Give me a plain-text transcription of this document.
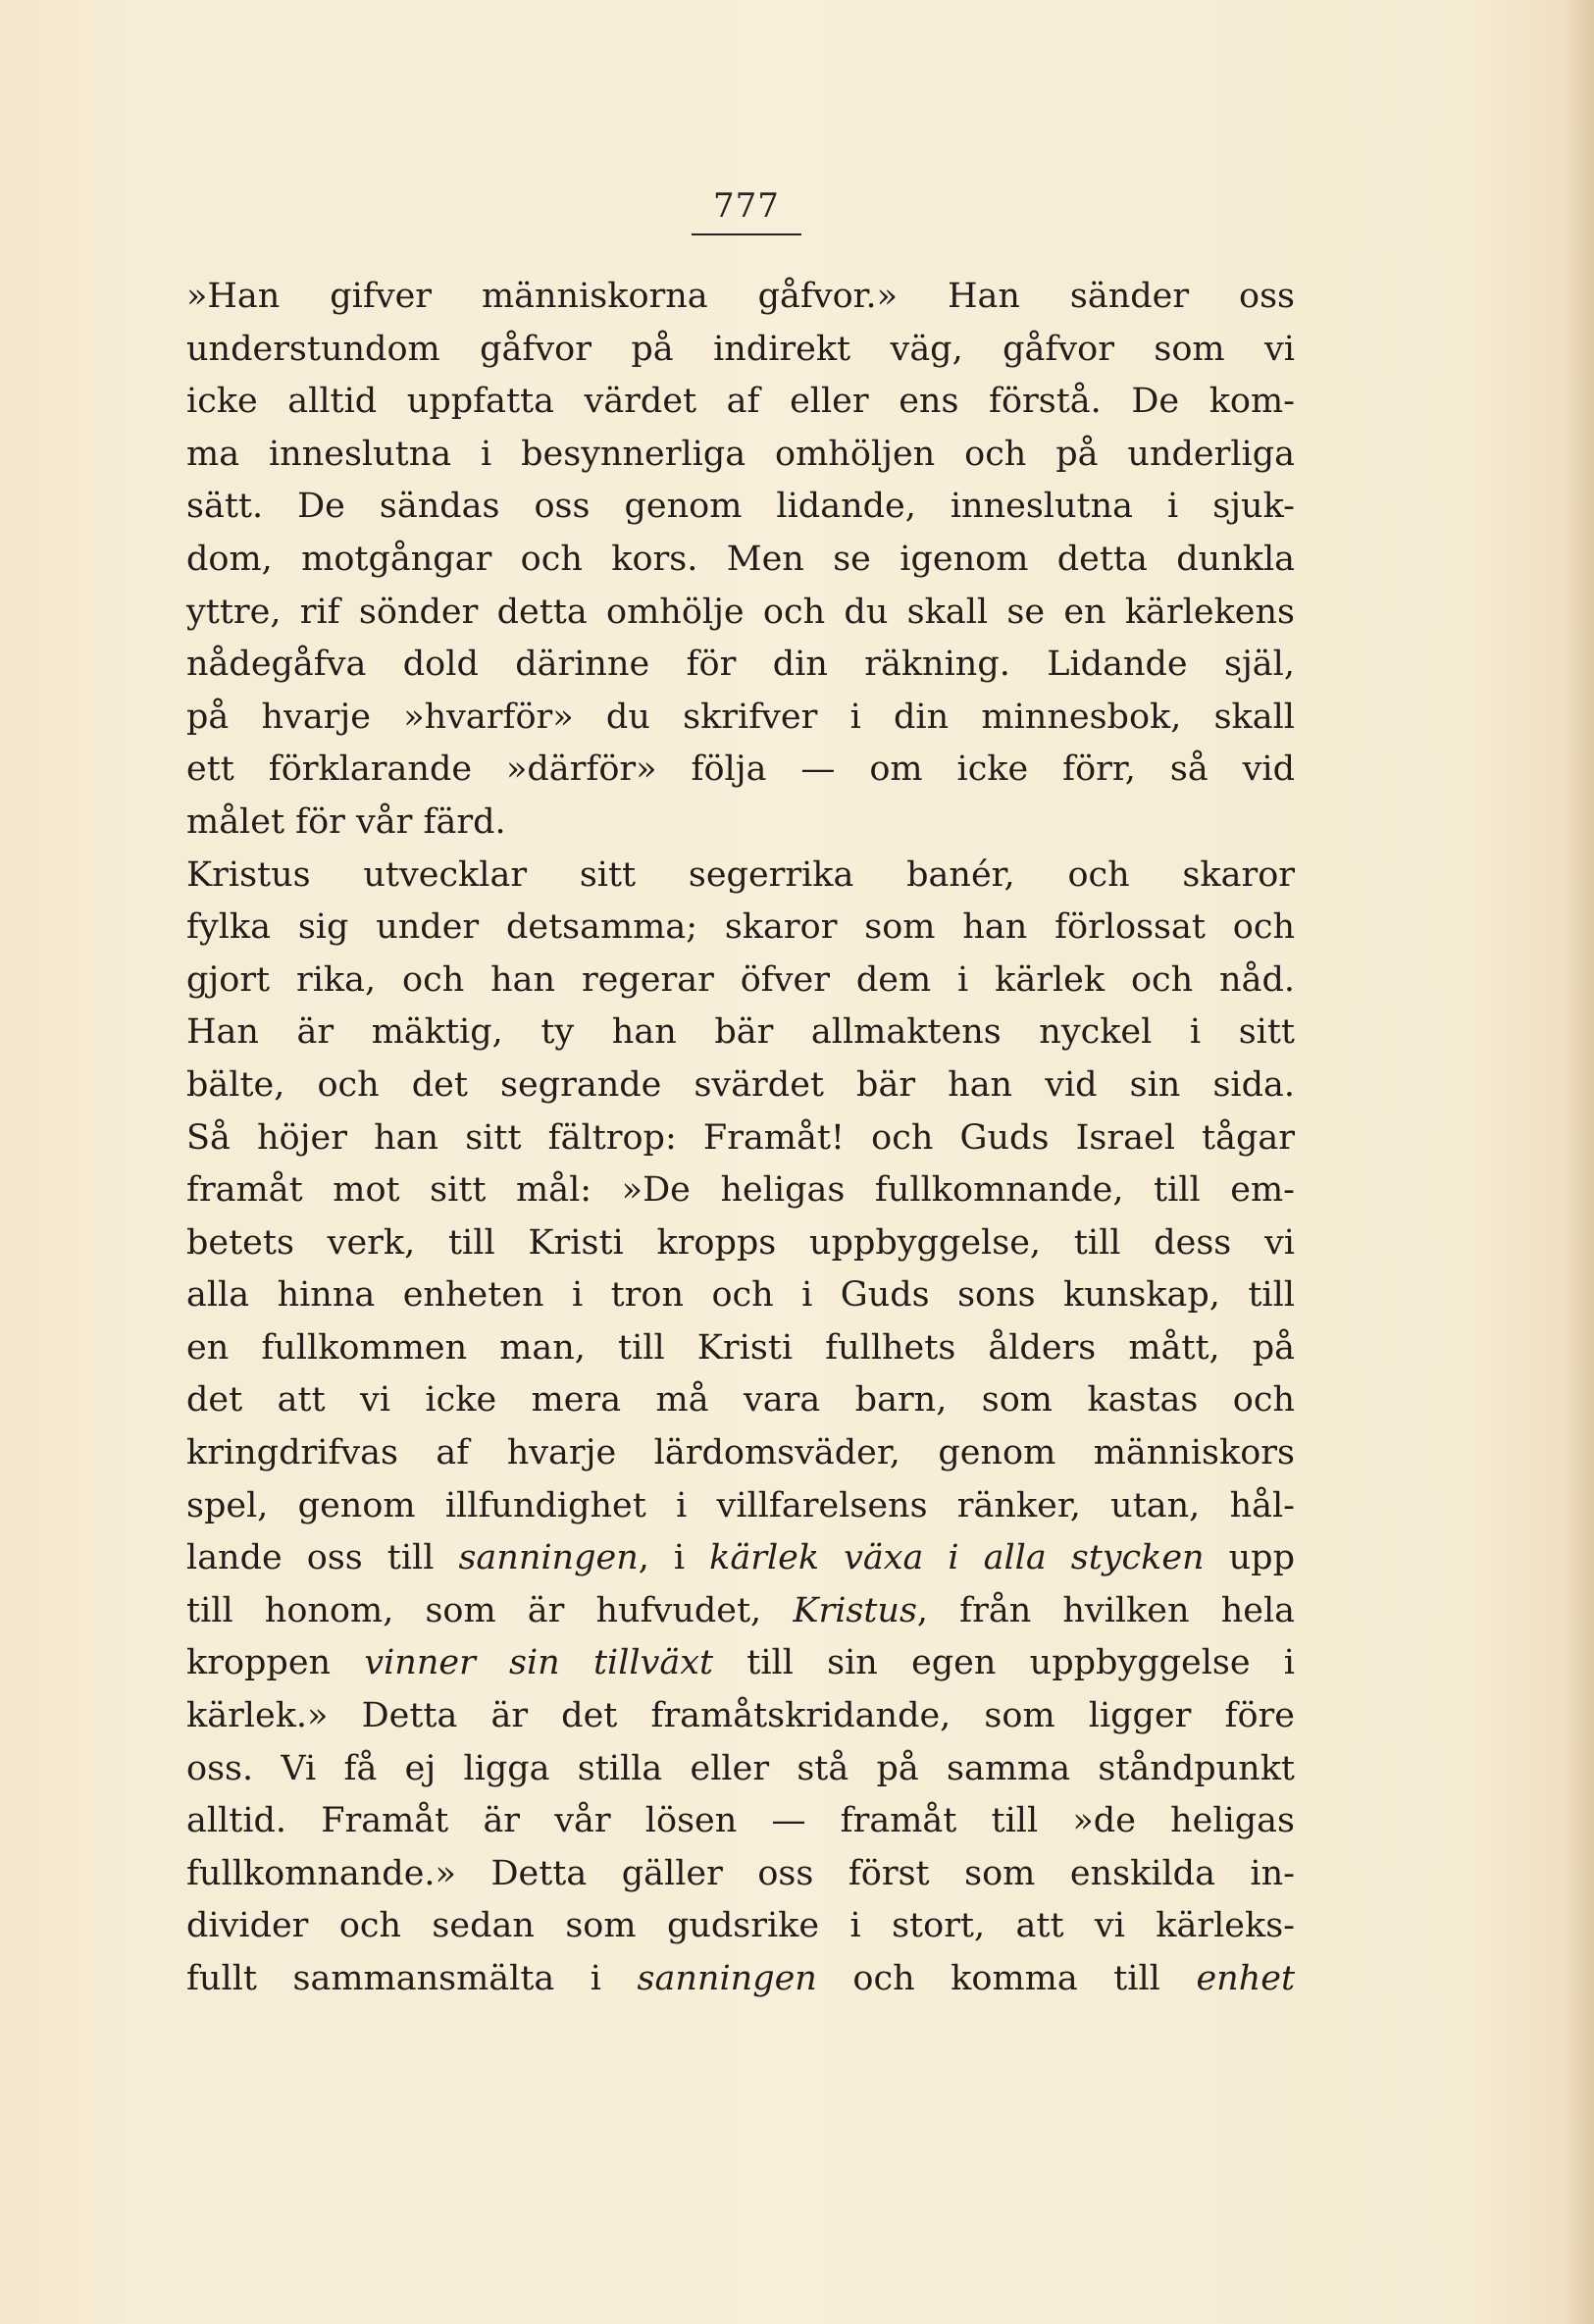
777
»Han gifver människorna gåfvor.» Han sänder oss
understundom gåfvor på indirekt väg, gåfvor som vi
icke alltid uppfatta värdet af eller ens förstå. De kom-
ma inneslutna i besynnerliga omhöljen och på underliga
sätt. De sändas oss genom lidande, inneslutna i sjuk-
dom, motgångar och kors. Men se igenom detta dunkla
yttre, rif sönder detta omhölje och du skall se en kärlekens
nådegåfva dold därinne för din räkning. Lidande själ,
på hvarje »hvarför» du skrifver i din minnesbok, skall
ett förklarande »därför» följa — om icke förr, så vid
målet för vår färd.
Kristus utvecklar sitt segerrika banér, och skaror
fylka sig under detsamma; skaror som han förlossat och
gjort rika, och han regerar öfver dem i kärlek och nåd.
Han är mäktig, ty han bär allmaktens nyckel i sitt
bälte, och det segrande svärdet bär han vid sin sida.
Så höjer han sitt fältrop: Framåt! och Guds Israel tågar
framåt mot sitt mål: »De heligas fullkomnande, till em-
betets verk, till Kristi kropps uppbyggelse, till dess vi
alla hinna enheten i tron och i Guds sons kunskap, till
en fullkommen man, till Kristi fullhets ålders mått, på
det att vi icke mera må vara barn, som kastas och
kringdrifvas af hvarje lärdomsväder, genom människors
spel, genom illfundighet i villfarelsens ränker, utan, hål-
lande oss till sanningen, i kärlek växa i alla stycken upp
till honom, som är hufvudet, Kristus, från hvilken hela
kroppen vinner sin tillväxt till sin egen uppbyggelse i
kärlek.» Detta är det framåtskridande, som ligger före
oss. Vi få ej ligga stilla eller stå på samma ståndpunkt
alltid. Framåt är vår lösen — framåt till »de heligas
fullkomnande.» Detta gäller oss först som enskilda in-
divider och sedan som gudsrike i stort, att vi kärleks-
fullt sammansmälta i sanningen och komma till enhet
